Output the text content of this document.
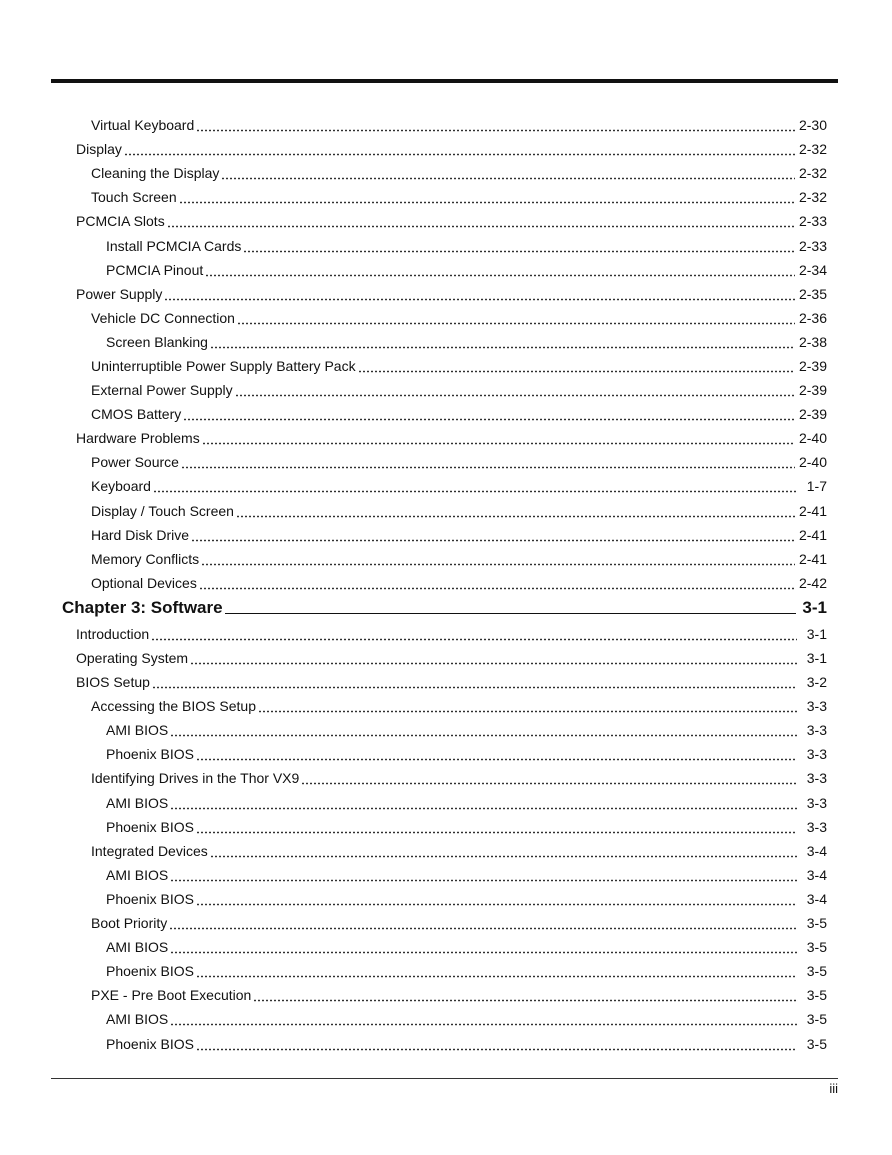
Virtual Keyboard	2-30
Display	2-32
Cleaning the Display	2-32
Touch Screen	2-32
PCMCIA Slots	2-33
Install PCMCIA Cards	2-33
PCMCIA Pinout	2-34
Power Supply	2-35
Vehicle DC Connection	2-36
Screen Blanking	2-38
Uninterruptible Power Supply Battery Pack	2-39
External Power Supply	2-39
CMOS Battery	2-39
Hardware Problems	2-40
Power Source	2-40
Keyboard	1-7
Display / Touch Screen	2-41
Hard Disk Drive	2-41
Memory Conflicts	2-41
Optional Devices	2-42
Chapter 3: Software	3-1
Introduction	3-1
Operating System	3-1
BIOS Setup	3-2
Accessing the BIOS Setup	3-3
AMI BIOS	3-3
Phoenix BIOS	3-3
Identifying Drives in the Thor VX9	3-3
AMI BIOS	3-3
Phoenix BIOS	3-3
Integrated Devices	3-4
AMI BIOS	3-4
Phoenix BIOS	3-4
Boot Priority	3-5
AMI BIOS	3-5
Phoenix BIOS	3-5
PXE - Pre Boot Execution	3-5
AMI BIOS	3-5
Phoenix BIOS	3-5
iii
